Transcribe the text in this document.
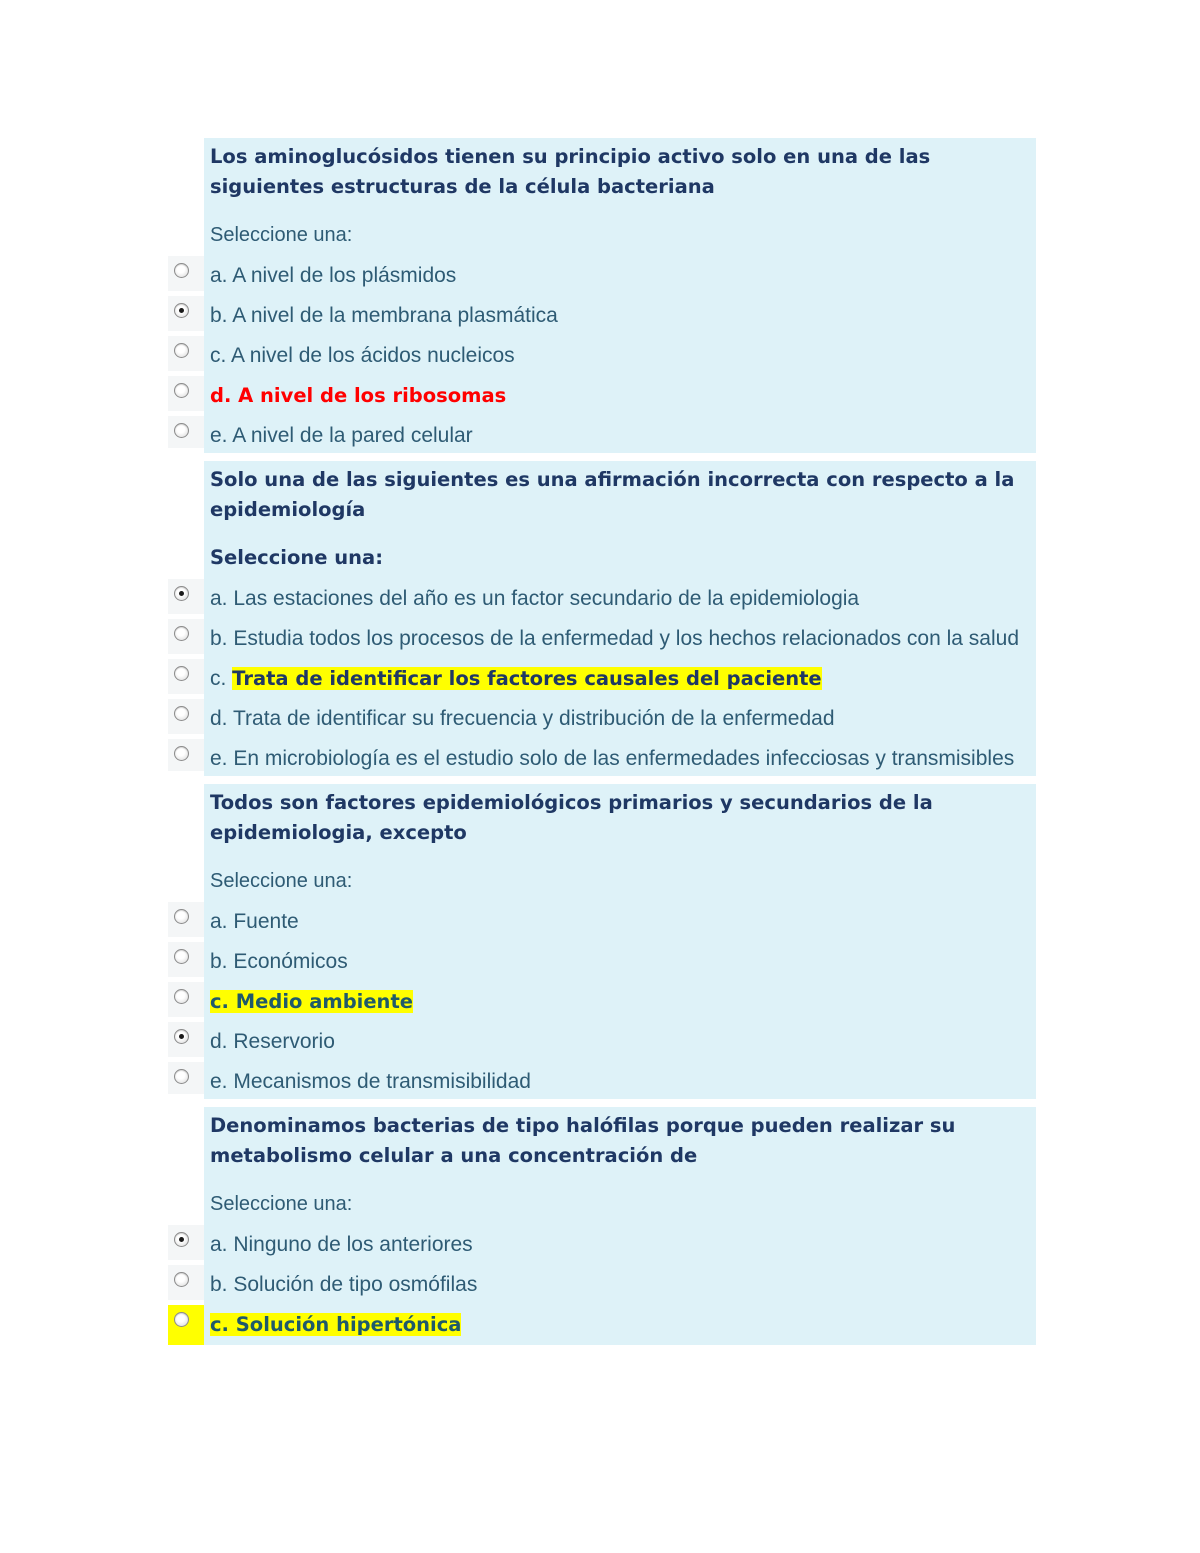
Los aminoglucósidos tienen su principio activo solo en una de las siguientes estructuras de la célula bacteriana
Seleccione una:
a. A nivel de los plásmidos
b. A nivel de la membrana plasmática
c. A nivel de los ácidos nucleicos
d. A nivel de los ribosomas
e. A nivel de la pared celular
Solo una de las siguientes es una afirmación incorrecta con respecto a la epidemiología
Seleccione una:
a. Las estaciones del año es un factor secundario de la epidemiologia
b. Estudia todos los procesos de la enfermedad y los hechos relacionados con la salud
c. Trata de identificar los factores causales del paciente
d. Trata de identificar su frecuencia y distribución de la enfermedad
e. En microbiología es el estudio solo de las enfermedades infecciosas y transmisibles
Todos son factores epidemiológicos primarios y secundarios de la epidemiologia, excepto
Seleccione una:
a. Fuente
b. Económicos
c. Medio ambiente
d. Reservorio
e. Mecanismos de transmisibilidad
Denominamos bacterias de tipo halófilas porque pueden realizar su metabolismo celular a una concentración de
Seleccione una:
a. Ninguno de los anteriores
b. Solución de tipo osmófilas
c. Solución hipertónica
